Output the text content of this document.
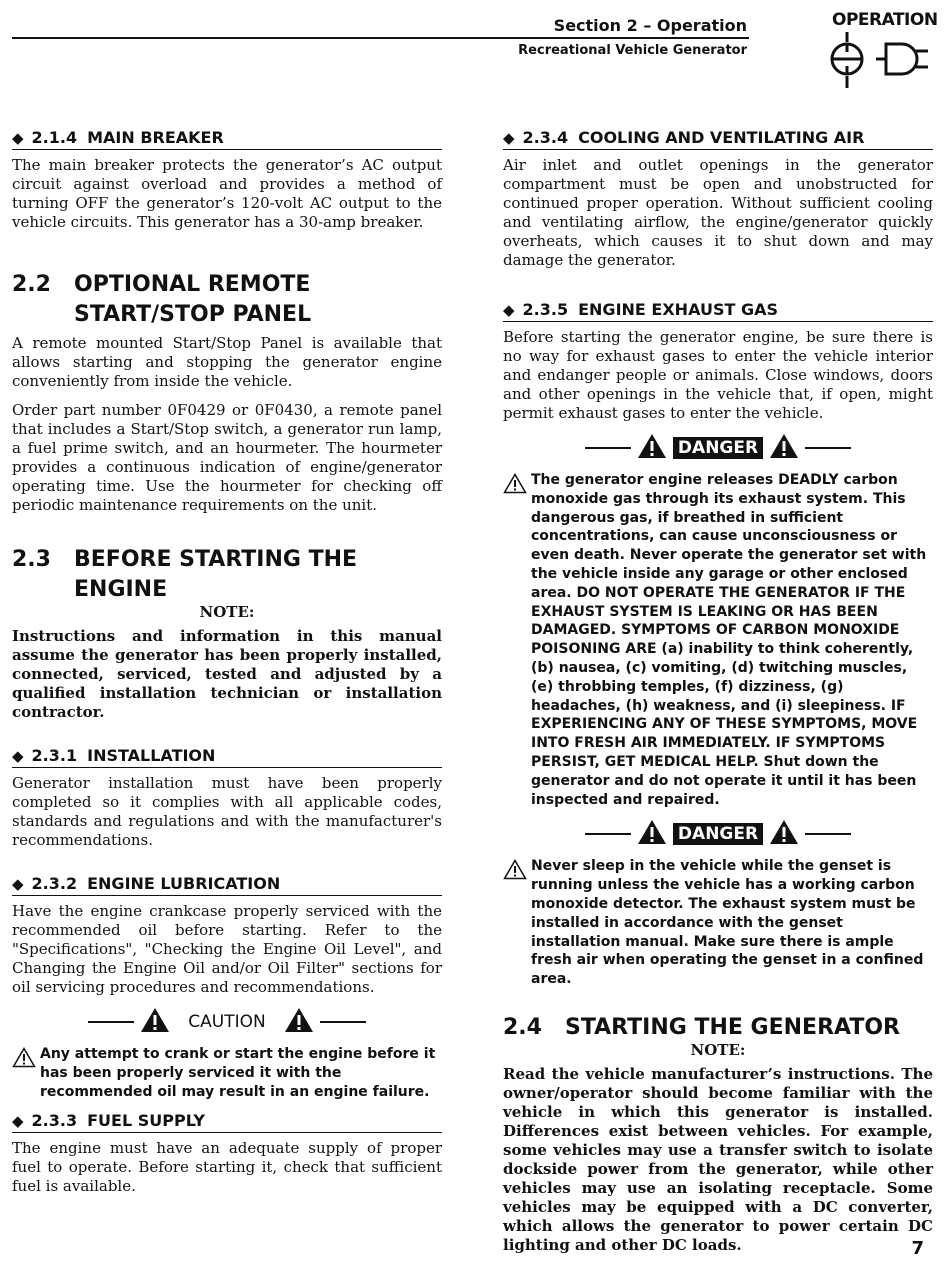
Section 2 – Operation
Recreational Vehicle Generator
OPERATION
◆ 2.1.4 MAIN BREAKER

The main breaker protects the generator’s AC output circuit against overload and provides a method of turning OFF the generator’s 120-volt AC output to the vehicle circuits. This generator has a 30-amp breaker.

2.2	OPTIONAL REMOTE
START/STOP PANEL

A remote mounted Start/Stop Panel is available that allows starting and stopping the generator engine conveniently from inside the vehicle.

Order part number 0F0429 or 0F0430, a remote panel that includes a Start/Stop switch, a generator run lamp, a fuel prime switch, and an hourmeter. The hourmeter provides a continuous indication of engine/generator operating time. Use the hourmeter for checking off periodic maintenance requirements on the unit.

2.3	BEFORE STARTING THE ENGINE
NOTE:

Instructions and information in this manual assume the generator has been properly installed, connected, serviced, tested and adjusted by a qualified installation technician or installation contractor.

◆ 2.3.1 INSTALLATION

Generator installation must have been properly completed so it complies with all applicable codes, standards and regulations and with the manufacturer's recommendations.

◆ 2.3.2 ENGINE LUBRICATION

Have the engine crankcase properly serviced with the recommended oil before starting. Refer to the "Specifications", "Checking the Engine Oil Level", and Changing the Engine Oil and/or Oil Filter" sections for oil servicing procedures and recommendations.

CAUTION
Any attempt to crank or start the engine before it has been properly serviced it with the recommended oil may result in an engine failure.
◆ 2.3.3 FUEL SUPPLY

The engine must have an adequate supply of proper fuel to operate. Before starting it, check that sufficient fuel is available.

◆ 2.3.4 COOLING AND VENTILATING AIR

Air inlet and outlet openings in the generator compartment must be open and unobstructed for continued proper operation. Without sufficient cooling and ventilating airflow, the engine/generator quickly overheats, which causes it to shut down and may damage the generator.

◆ 2.3.5 ENGINE EXHAUST GAS

Before starting the generator engine, be sure there is no way for exhaust gases to enter the vehicle interior and endanger people or animals. Close windows, doors and other openings in the vehicle that, if open, might permit exhaust gases to enter the vehicle.

DANGER
The generator engine releases DEADLY carbon monoxide gas through its exhaust system. This dangerous gas, if breathed in sufficient concentrations, can cause unconsciousness or even death. Never operate the generator set with the vehicle inside any garage or other enclosed area. DO NOT OPERATE THE GENERATOR IF THE EXHAUST SYSTEM IS LEAKING OR HAS BEEN DAMAGED. SYMPTOMS OF CARBON MONOXIDE POISONING ARE (a) inability to think coherently, (b) nausea, (c) vomiting, (d) twitching muscles, (e) throbbing temples, (f) dizziness, (g) headaches, (h) weakness, and (i) sleepiness. IF EXPERIENCING ANY OF THESE SYMPTOMS, MOVE INTO FRESH AIR IMMEDIATELY. IF SYMPTOMS PERSIST, GET MEDICAL HELP. Shut down the generator and do not operate it until it has been inspected and repaired.
DANGER
Never sleep in the vehicle while the genset is running unless the vehicle has a working carbon monoxide detector. The exhaust system must be installed in accordance with the genset installation manual. Make sure there is ample fresh air when operating the genset in a confined area.
2.4	STARTING THE GENERATOR
NOTE:

Read the vehicle manufacturer’s instructions. The owner/operator should become familiar with the vehicle in which this generator is installed. Differences exist between vehicles. For example, some vehicles may use a transfer switch to isolate dockside power from the generator, while other vehicles may use an isolating receptacle. Some vehicles may be equipped with a DC converter, which allows the generator to power certain DC lighting and other DC loads.	7
